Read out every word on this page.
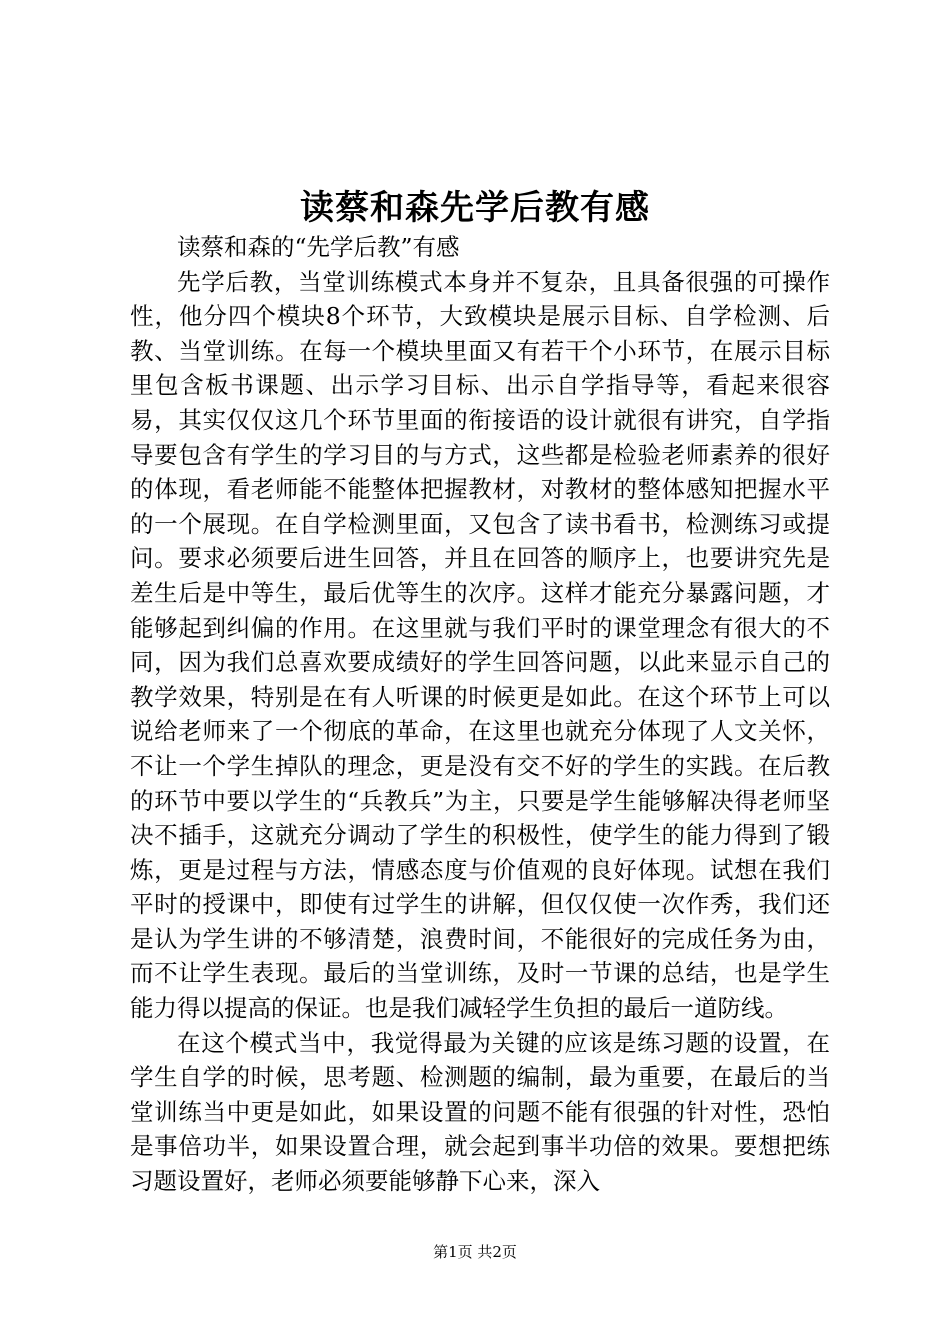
读蔡和森先学后教有感

读蔡和森的“先学后教”有感

先学后教，当堂训练模式本身并不复杂，且具备很强的可操作性，他分四个模块8个环节，大致模块是展示目标、自学检测、后教、当堂训练。在每一个模块里面又有若干个小环节，在展示目标里包含板书课题、出示学习目标、出示自学指导等，看起来很容易，其实仅仅这几个环节里面的衔接语的设计就很有讲究，自学指导要包含有学生的学习目的与方式，这些都是检验老师素养的很好的体现，看老师能不能整体把握教材，对教材的整体感知把握水平的一个展现。在自学检测里面，又包含了读书看书，检测练习或提问。要求必须要后进生回答，并且在回答的顺序上，也要讲究先是差生后是中等生，最后优等生的次序。这样才能充分暴露问题，才能够起到纠偏的作用。在这里就与我们平时的课堂理念有很大的不同，因为我们总喜欢要成绩好的学生回答问题，以此来显示自己的教学效果，特别是在有人听课的时候更是如此。在这个环节上可以说给老师来了一个彻底的革命，在这里也就充分体现了人文关怀，不让一个学生掉队的理念，更是没有交不好的学生的实践。在后教的环节中要以学生的“兵教兵”为主，只要是学生能够解决得老师坚决不插手，这就充分调动了学生的积极性，使学生的能力得到了锻炼，更是过程与方法，情感态度与价值观的良好体现。试想在我们平时的授课中，即使有过学生的讲解，但仅仅使一次作秀，我们还是认为学生讲的不够清楚，浪费时间，不能很好的完成任务为由，而不让学生表现。最后的当堂训练，及时一节课的总结，也是学生能力得以提高的保证。也是我们减轻学生负担的最后一道防线。

在这个模式当中，我觉得最为关键的应该是练习题的设置，在学生自学的时候，思考题、检测题的编制，最为重要，在最后的当堂训练当中更是如此，如果设置的问题不能有很强的针对性，恐怕是事倍功半，如果设置合理，就会起到事半功倍的效果。要想把练习题设置好，老师必须要能够静下心来，深入

第1页 共2页
